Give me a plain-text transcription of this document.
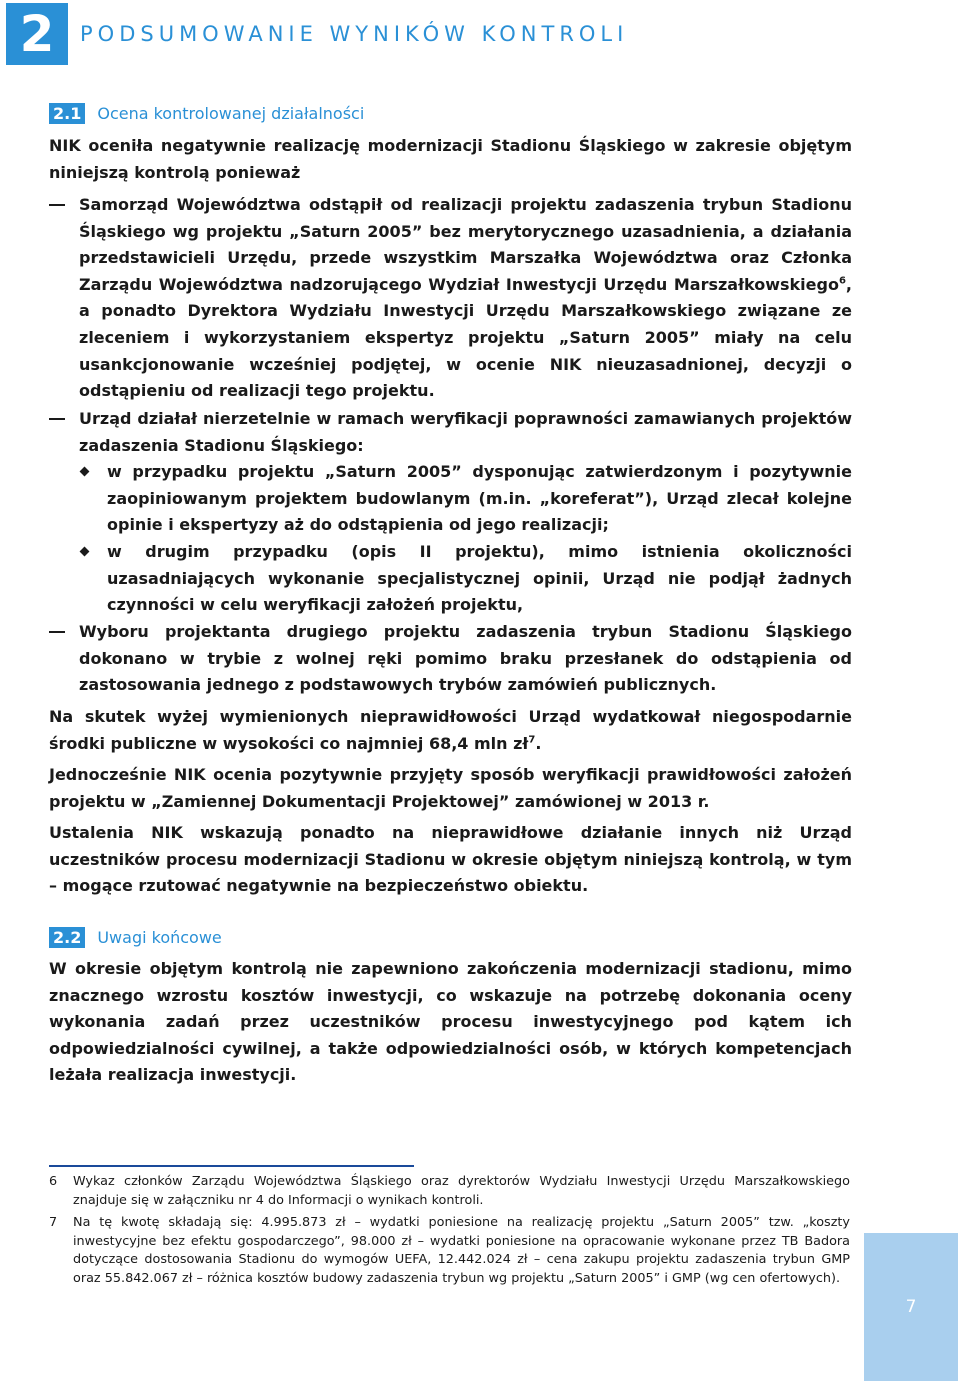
2	PODSUMOWANIE WYNIKÓW KONTROLI
2.1 Ocena kontrolowanej działalności

NIK oceniła negatywnie realizację modernizacji Stadionu Śląskiego w zakresie objętym niniejszą kontrolą ponieważ

Samorząd Województwa odstąpił od realizacji projektu zadaszenia trybun Stadionu Śląskiego wg projektu „Saturn 2005” bez merytorycznego uzasadnienia, a działania przedstawicieli Urzędu, przede wszystkim Marszałka Województwa oraz Członka Zarządu Województwa nadzorującego Wydział Inwestycji Urzędu Marszałkowskiego$^6$, a ponadto Dyrektora Wydziału Inwestycji Urzędu Marszałkowskiego związane ze zleceniem i wykorzystaniem ekspertyz projektu „Saturn 2005” miały na celu usankcjonowanie wcześniej podjętej, w ocenie NIK nieuzasadnionej, decyzji o odstąpieniu od realizacji tego projektu.
Urząd działał nierzetelnie w ramach weryfikacji poprawności zamawianych projektów zadaszenia Stadionu Śląskiego:
w przypadku projektu „Saturn 2005” dysponując zatwierdzonym i pozytywnie zaopiniowanym projektem budowlanym (m.in. „koreferat”), Urząd zlecał kolejne opinie i ekspertyzy aż do odstąpienia od jego realizacji;
w drugim przypadku (opis II projektu), mimo istnienia okoliczności uzasadniających wykonanie specjalistycznej opinii, Urząd nie podjął żadnych czynności w celu weryfikacji założeń projektu,
Wyboru projektanta drugiego projektu zadaszenia trybun Stadionu Śląskiego dokonano w trybie z wolnej ręki pomimo braku przesłanek do odstąpienia od zastosowania jednego z podstawowych trybów zamówień publicznych.

Na skutek wyżej wymienionych nieprawidłowości Urząd wydatkował niegospodarnie środki publiczne w wysokości co najmniej 68,4 mln $zł^7$.

Jednocześnie NIK ocenia pozytywnie przyjęty sposób weryfikacji prawidłowości założeń projektu w „Zamiennej Dokumentacji Projektowej” zamówionej w 2013 r.

Ustalenia NIK wskazują ponadto na nieprawidłowe działanie innych niż Urząd uczestników procesu modernizacji Stadionu w okresie objętym niniejszą kontrolą, w tym – mogące rzutować negatywnie na bezpieczeństwo obiektu.

2.2 Uwagi końcowe

W okresie objętym kontrolą nie zapewniono zakończenia modernizacji stadionu, mimo znacznego wzrostu kosztów inwestycji, co wskazuje na potrzebę dokonania oceny wykonania zadań przez uczestników procesu inwestycyjnego pod kątem ich odpowiedzialności cywilnej, a także odpowiedzialności osób, w których kompetencjach leżała realizacja inwestycji.

6 Wykaz członków Zarządu Województwa Śląskiego oraz dyrektorów Wydziału Inwestycji Urzędu Marszałkowskiego znajduje się w załączniku nr 4 do Informacji o wynikach kontroli.
7 Na tę kwotę składają się: 4.995.873 zł – wydatki poniesione na realizację projektu „Saturn 2005” tzw. „koszty inwestycyjne bez efektu gospodarczego”, 98.000 zł – wydatki poniesione na opracowanie wykonane przez TB Badora dotyczące dostosowania Stadionu do wymogów UEFA, 12.442.024 zł – cena zakupu projektu zadaszenia trybun GMP oraz 55.842.067 zł – różnica kosztów budowy zadaszenia trybun wg projektu „Saturn 2005” i GMP (wg cen ofertowych).
7
